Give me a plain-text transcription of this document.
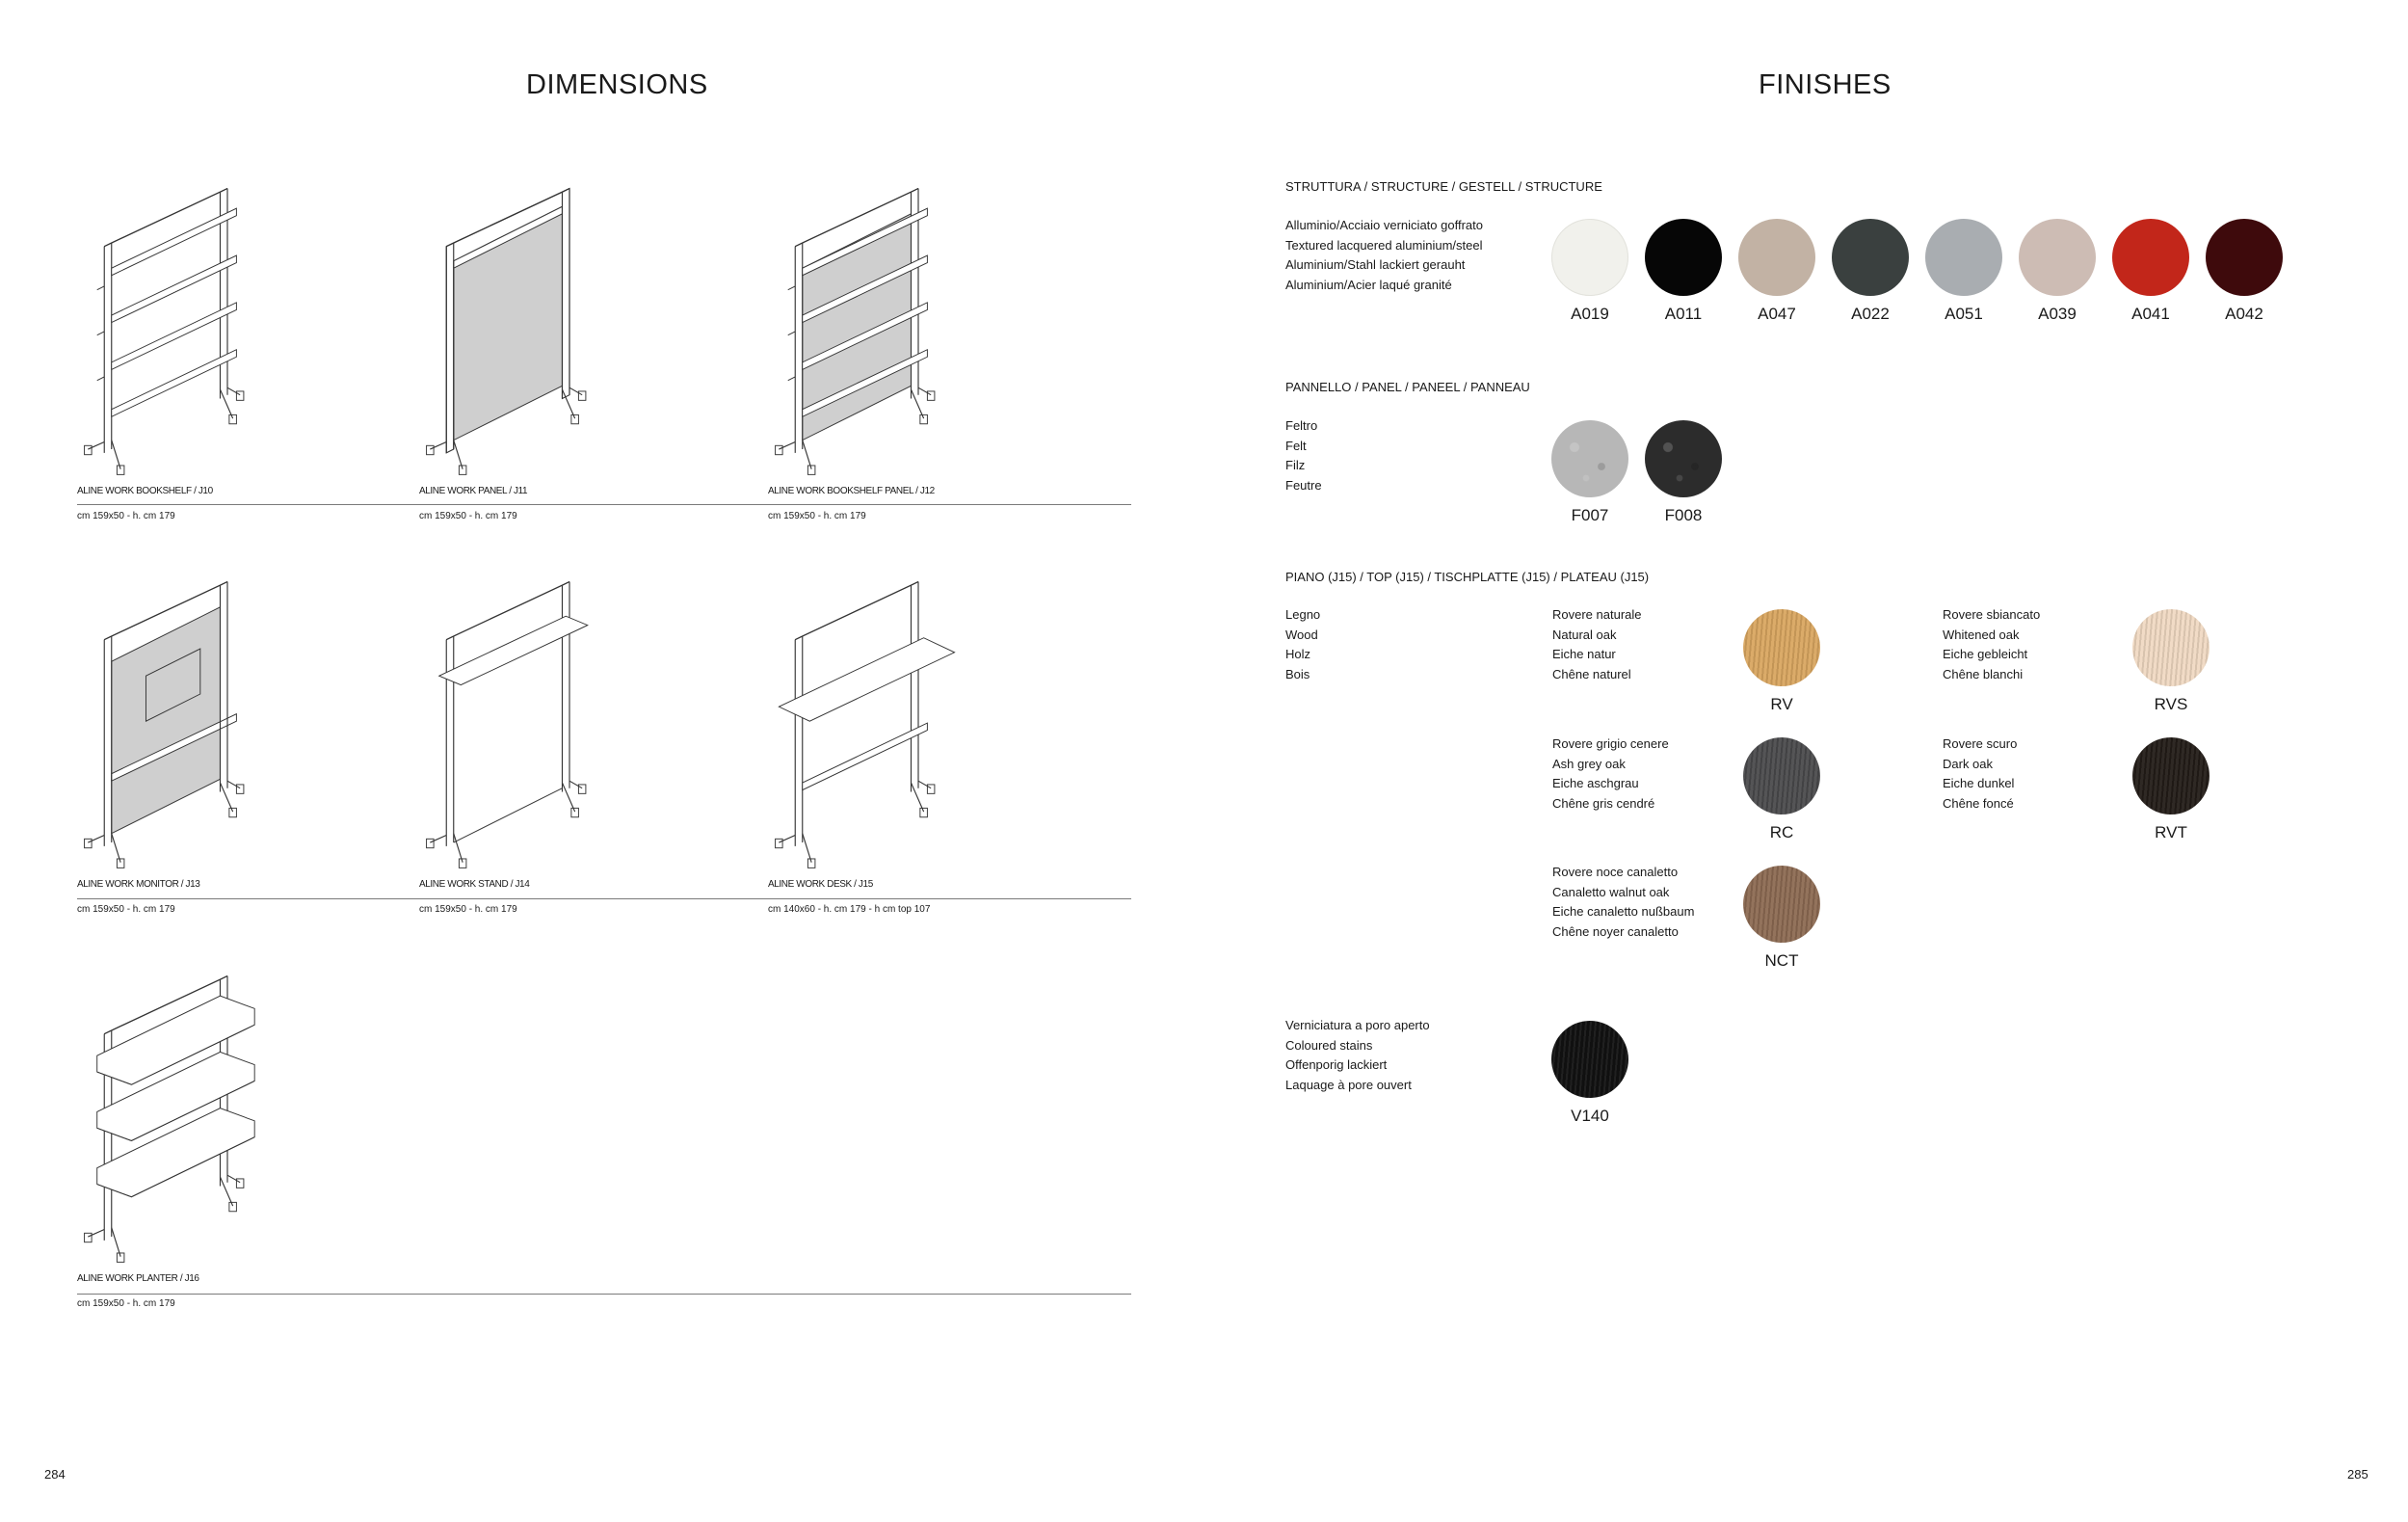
DIMENSIONS
ALINE WORK BOOKSHELF / J10
cm 159x50 - h. cm 179
ALINE WORK PANEL / J11
cm 159x50 - h. cm 179
ALINE WORK BOOKSHELF PANEL / J12
cm 159x50 - h. cm 179
ALINE WORK MONITOR / J13
cm 159x50 - h. cm 179
ALINE WORK STAND / J14
cm 159x50 - h. cm 179
ALINE WORK DESK / J15
cm 140x60 - h. cm 179 - h cm top 107
ALINE WORK PLANTER / J16
cm 159x50 - h. cm 179
284
FINISHES
STRUTTURA / STRUCTURE / GESTELL / STRUCTURE
Alluminio/Acciaio verniciato goffrato
Textured lacquered aluminium/steel
Aluminium/Stahl lackiert gerauht
Aluminium/Acier laqué granité
A019	A011	A047	A022	A051	A039	A041	A042
PANNELLO / PANEL / PANEEL / PANNEAU
Feltro
Felt
Filz
Feutre
F007	F008
PIANO (J15) / TOP (J15) / TISCHPLATTE (J15) / PLATEAU (J15)
Legno
Wood
Holz
Bois
Rovere naturale
Natural oak
Eiche natur
Chêne naturel
RV
Rovere sbiancato
Whitened oak
Eiche gebleicht
Chêne blanchi
RVS
Rovere grigio cenere
Ash grey oak
Eiche aschgrau
Chêne gris cendré
RC
Rovere scuro
Dark oak
Eiche dunkel
Chêne foncé
RVT
Rovere noce canaletto
Canaletto walnut oak
Eiche canaletto nußbaum
Chêne noyer canaletto
NCT
Verniciatura a poro aperto
Coloured stains
Offenporig lackiert
Laquage à pore ouvert
V140
285
